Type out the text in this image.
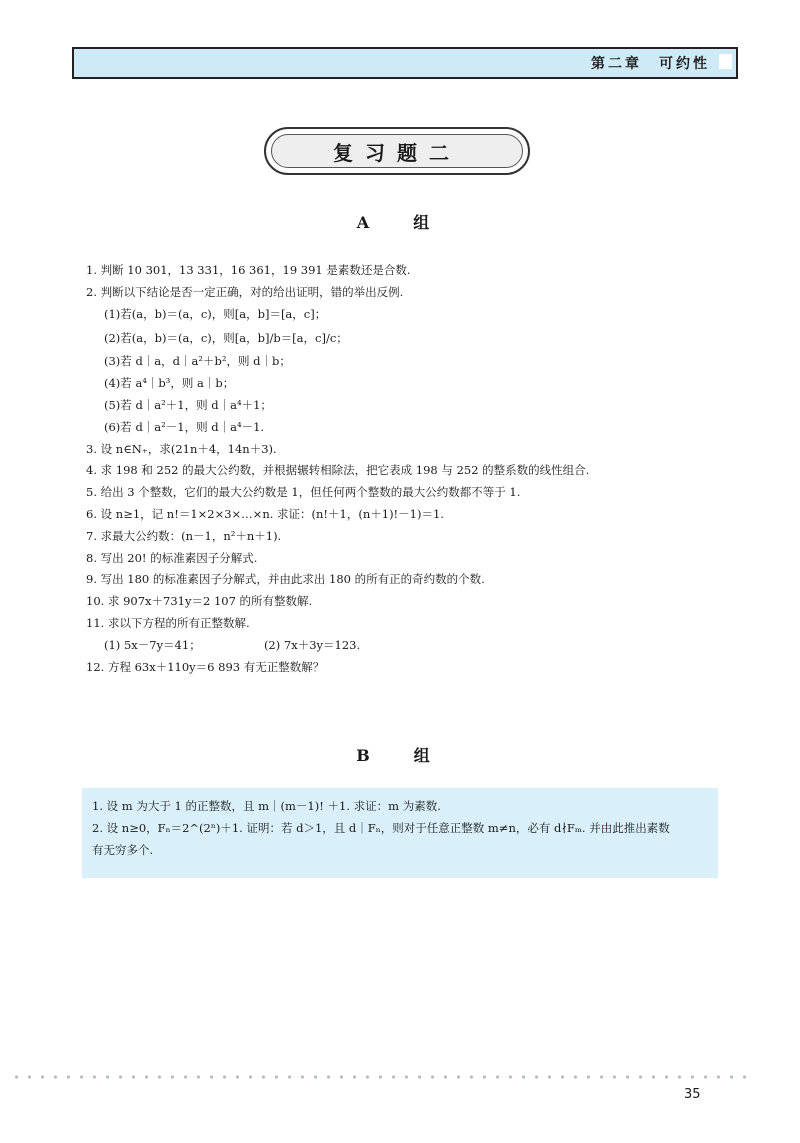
第二章　可约性
复习题二
A　组
1. 判断 10 301，13 331，16 361，19 391 是素数还是合数.
2. 判断以下结论是否一定正确，对的给出证明，错的举出反例.
(1)若(a，b)＝(a，c)，则[a，b]＝[a，c]；
(2)若(a，b)＝(a，c)，则[a，b]/b＝[a，c]/c；
(3)若 d｜a，d｜a²＋b²，则 d｜b；
(4)若 a⁴｜b³，则 a｜b；
(5)若 d｜a²＋1，则 d｜a⁴＋1；
(6)若 d｜a²－1，则 d｜a⁴－1.
3. 设 n∈N₊，求(21n＋4，14n＋3).
4. 求 198 和 252 的最大公约数，并根据辗转相除法，把它表成 198 与 252 的整系数的线性组合.
5. 给出 3 个整数，它们的最大公约数是 1，但任何两个整数的最大公约数都不等于 1.
6. 设 n≥1，记 n!＝1×2×3×…×n. 求证：(n!＋1，(n＋1)!－1)＝1.
7. 求最大公约数：(n－1，n²＋n＋1).
8. 写出 20! 的标准素因子分解式.
9. 写出 180 的标准素因子分解式，并由此求出 180 的所有正的奇约数的个数.
10. 求 907x＋731y＝2 107 的所有整数解.
11. 求以下方程的所有正整数解.
(1) 5x－7y＝41；　　　　　　(2) 7x＋3y＝123.
12. 方程 63x＋110y＝6 893 有无正整数解？
B　组
1. 设 m 为大于 1 的正整数，且 m｜(m－1)! ＋1. 求证：m 为素数.
2. 设 n≥0，Fₙ＝2^(2ⁿ)＋1. 证明：若 d＞1，且 d｜Fₙ，则对于任意正整数 m≠n，必有 d∤Fₘ. 并由此推出素数
有无穷多个.
35
